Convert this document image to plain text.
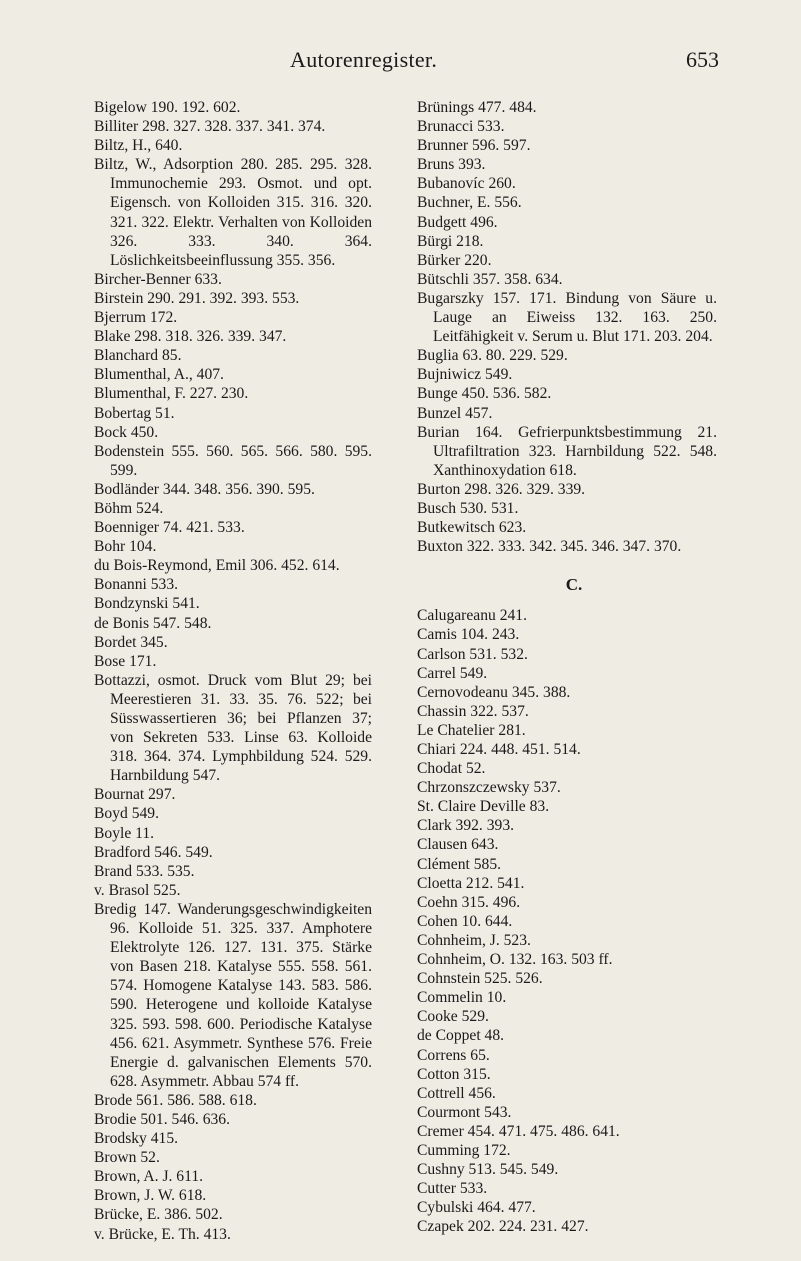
Autorenregister.	653

Bigelow 190. 192. 602.

Billiter 298. 327. 328. 337. 341. 374.

Biltz, H., 640.

Biltz, W., Adsorption 280. 285. 295. 328. Immunochemie 293. Osmot. und opt. Eigensch. von Kolloiden 315. 316. 320. 321. 322. Elektr. Verhalten von Kolloiden 326. 333. 340. 364. Löslichkeitsbeeinflussung 355. 356.

Bircher-Benner 633.

Birstein 290. 291. 392. 393. 553.

Bjerrum 172.

Blake 298. 318. 326. 339. 347.

Blanchard 85.

Blumenthal, A., 407.

Blumenthal, F. 227. 230.

Bobertag 51.

Bock 450.

Bodenstein 555. 560. 565. 566. 580. 595. 599.

Bodländer 344. 348. 356. 390. 595.

Böhm 524.

Boenniger 74. 421. 533.

Bohr 104.

du Bois-Reymond, Emil 306. 452. 614.

Bonanni 533.

Bondzynski 541.

de Bonis 547. 548.

Bordet 345.

Bose 171.

Bottazzi, osmot. Druck vom Blut 29; bei Meerestieren 31. 33. 35. 76. 522; bei Süsswassertieren 36; bei Pflanzen 37; von Sekreten 533. Linse 63. Kolloide 318. 364. 374. Lymphbildung 524. 529. Harnbildung 547.

Bournat 297.

Boyd 549.

Boyle 11.

Bradford 546. 549.

Brand 533. 535.

v. Brasol 525.

Bredig 147. Wanderungsgeschwindigkeiten 96. Kolloide 51. 325. 337. Amphotere Elektrolyte 126. 127. 131. 375. Stärke von Basen 218. Katalyse 555. 558. 561. 574. Homogene Katalyse 143. 583. 586. 590. Heterogene und kolloide Katalyse 325. 593. 598. 600. Periodische Katalyse 456. 621. Asymmetr. Synthese 576. Freie Energie d. galvanischen Elements 570. 628. Asymmetr. Abbau 574 ff.

Brode 561. 586. 588. 618.

Brodie 501. 546. 636.

Brodsky 415.

Brown 52.

Brown, A. J. 611.

Brown, J. W. 618.

Brücke, E. 386. 502.

v. Brücke, E. Th. 413.

Brünings 477. 484.

Brunacci 533.

Brunner 596. 597.

Bruns 393.

Bubanovíc 260.

Buchner, E. 556.

Budgett 496.

Bürgi 218.

Bürker 220.

Bütschli 357. 358. 634.

Bugarszky 157. 171. Bindung von Säure u. Lauge an Eiweiss 132. 163. 250. Leitfähigkeit v. Serum u. Blut 171. 203. 204.

Buglia 63. 80. 229. 529.

Bujniwicz 549.

Bunge 450. 536. 582.

Bunzel 457.

Burian 164. Gefrierpunktsbestimmung 21. Ultrafiltration 323. Harnbildung 522. 548. Xanthinoxydation 618.

Burton 298. 326. 329. 339.

Busch 530. 531.

Butkewitsch 623.

Buxton 322. 333. 342. 345. 346. 347. 370.

C.

Calugareanu 241.

Camis 104. 243.

Carlson 531. 532.

Carrel 549.

Cernovodeanu 345. 388.

Chassin 322. 537.

Le Chatelier 281.

Chiari 224. 448. 451. 514.

Chodat 52.

Chrzonszczewsky 537.

St. Claire Deville 83.

Clark 392. 393.

Clausen 643.

Clément 585.

Cloetta 212. 541.

Coehn 315. 496.

Cohen 10. 644.

Cohnheim, J. 523.

Cohnheim, O. 132. 163. 503 ff.

Cohnstein 525. 526.

Commelin 10.

Cooke 529.

de Coppet 48.

Correns 65.

Cotton 315.

Cottrell 456.

Courmont 543.

Cremer 454. 471. 475. 486. 641.

Cumming 172.

Cushny 513. 545. 549.

Cutter 533.

Cybulski 464. 477.

Czapek 202. 224. 231. 427.
